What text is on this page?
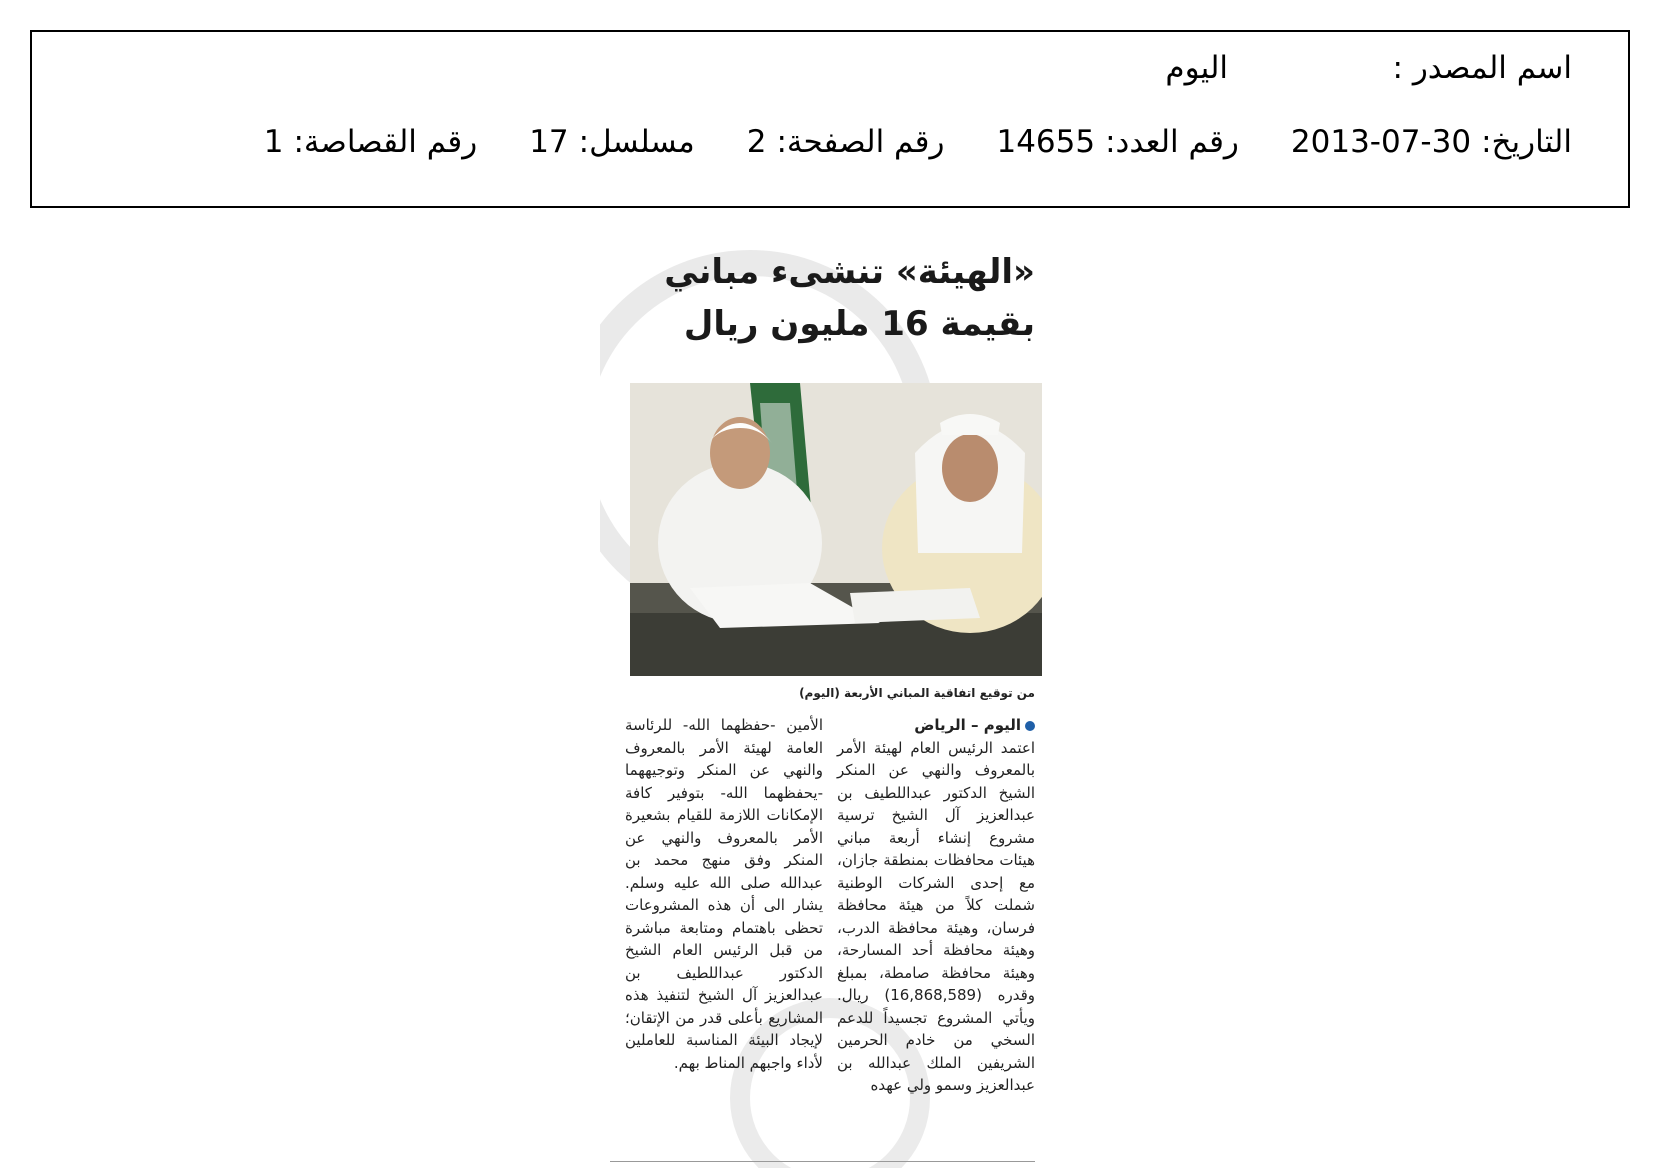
اسم المصدر :
اليوم
التاريخ:
2013-07-30
رقم العدد:
14655
رقم الصفحة:
2
مسلسل:
17
رقم القصاصة:
1
«الهيئة» تنشىء مباني بقيمة 16 مليون ريال
من توقيع اتفاقية المباني الأربعة (اليوم)
اليوم – الرياض
اعتمد الرئيس العام لهيئة الأمر بالمعروف والنهي عن المنكر الشيخ الدكتور عبداللطيف بن عبدالعزيز آل الشيخ ترسية مشروع إنشاء أربعة مباني هيئات محافظات بمنطقة جازان، مع إحدى الشركات الوطنية شملت كلاً من هيئة محافظة فرسان، وهيئة محافظة الدرب، وهيئة محافظة أحد المسارحة، وهيئة محافظة صامطة، بمبلغ وقدره (16,868,589) ريال. ويأتي المشروع تجسيداً للدعم السخي من خادم الحرمين الشريفين الملك عبدالله بن عبدالعزيز وسمو ولي عهده
الأمين -حفظهما الله- للرئاسة العامة لهيئة الأمر بالمعروف والنهي عن المنكر وتوجيههما -يحفظهما الله- بتوفير كافة الإمكانات اللازمة للقيام بشعيرة الأمر بالمعروف والنهي عن المنكر وفق منهج محمد بن عبدالله صلى الله عليه وسلم. يشار الى أن هذه المشروعات تحظى باهتمام ومتابعة مباشرة من قبل الرئيس العام الشيخ الدكتور عبداللطيف بن عبدالعزيز آل الشيخ لتنفيذ هذه المشاريع بأعلى قدر من الإتقان؛ لإيجاد البيئة المناسبة للعاملين لأداء واجبهم المناط بهم.
